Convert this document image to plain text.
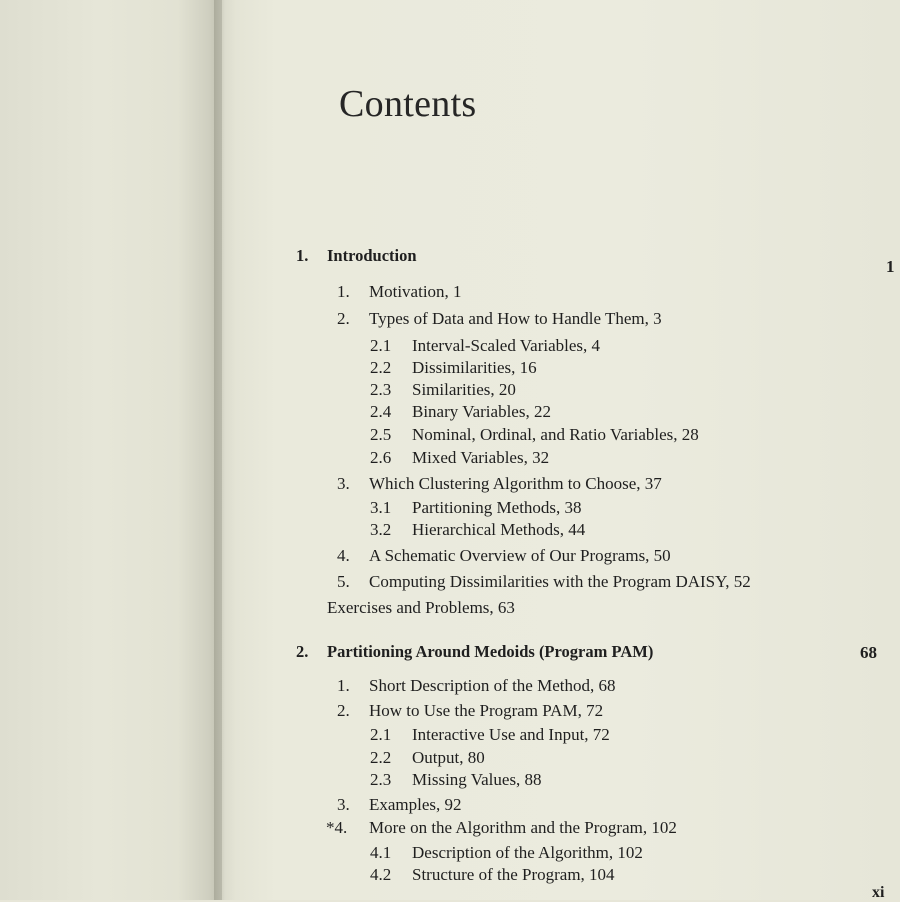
Contents
1. Introduction
1
1. Motivation, 1
2. Types of Data and How to Handle Them, 3
2.1 Interval-Scaled Variables, 4
2.2 Dissimilarities, 16
2.3 Similarities, 20
2.4 Binary Variables, 22
2.5 Nominal, Ordinal, and Ratio Variables, 28
2.6 Mixed Variables, 32
3. Which Clustering Algorithm to Choose, 37
3.1 Partitioning Methods, 38
3.2 Hierarchical Methods, 44
4. A Schematic Overview of Our Programs, 50
5. Computing Dissimilarities with the Program DAISY, 52
Exercises and Problems, 63
2. Partitioning Around Medoids (Program PAM)	68
1. Short Description of the Method, 68
2. How to Use the Program PAM, 72
2.1 Interactive Use and Input, 72
2.2 Output, 80
2.3 Missing Values, 88
3. Examples, 92
*4. More on the Algorithm and the Program, 102
4.1 Description of the Algorithm, 102
4.2 Structure of the Program, 104
xi
